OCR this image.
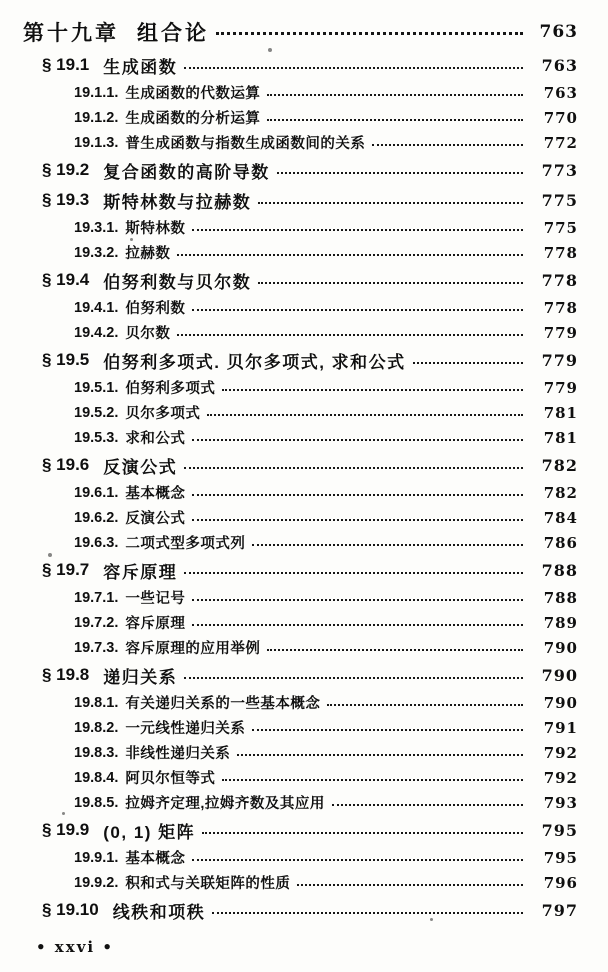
第十九章 组合论	763
§ 19.1 生成函数	763
19.1.1. 生成函数的代数运算	763
19.1.2. 生成函数的分析运算	770
19.1.3. 普生成函数与指数生成函数间的关系	772
§ 19.2 复合函数的高阶导数	773
§ 19.3 斯特林数与拉赫数	775
19.3.1. 斯特林数	775
19.3.2. 拉赫数	778
§ 19.4 伯努利数与贝尔数	778
19.4.1. 伯努利数	778
19.4.2. 贝尔数	779
§ 19.5 伯努利多项式. 贝尔多项式, 求和公式	779
19.5.1. 伯努利多项式	779
19.5.2. 贝尔多项式	781
19.5.3. 求和公式	781
§ 19.6 反演公式	782
19.6.1. 基本概念	782
19.6.2. 反演公式	784
19.6.3. 二项式型多项式列	786
§ 19.7 容斥原理	788
19.7.1. 一些记号	788
19.7.2. 容斥原理	789
19.7.3. 容斥原理的应用举例	790
§ 19.8 递归关系	790
19.8.1. 有关递归关系的一些基本概念	790
19.8.2. 一元线性递归关系	791
19.8.3. 非线性递归关系	792
19.8.4. 阿贝尔恒等式	792
19.8.5. 拉姆齐定理,拉姆齐数及其应用	793
§ 19.9 (0, 1) 矩阵	795
19.9.1. 基本概念	795
19.9.2. 积和式与关联矩阵的性质	796
§ 19.10 线秩和项秩	797
• xxvi •
